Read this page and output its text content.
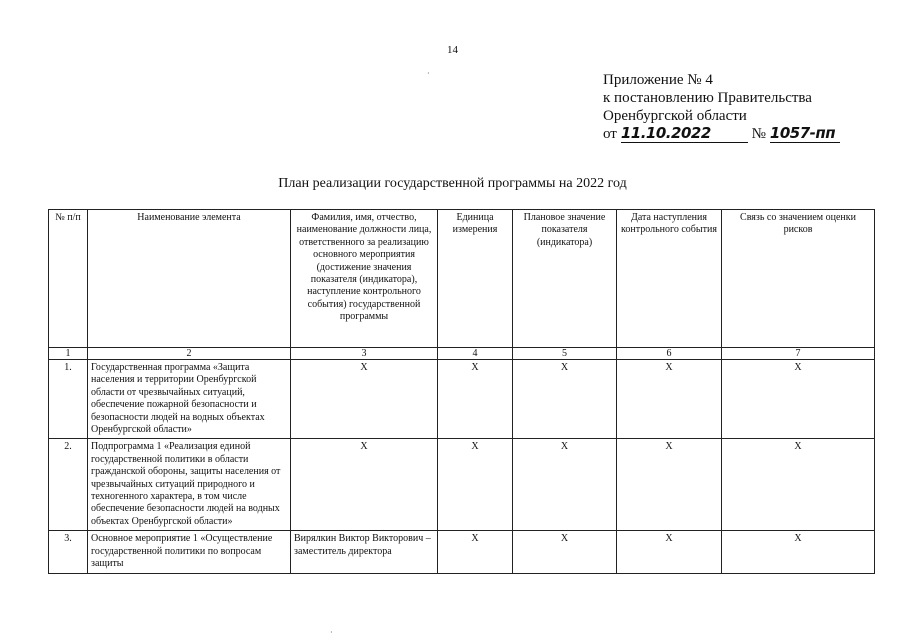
14
·
·
Приложение № 4
к постановлению Правительства
Оренбургской области
от 11.10.2022	№ 1057-пп
План реализации государственной программы на 2022 год
№ п/п	Наименование элемента	Фамилия, имя, отчество, наименование должности лица, ответственного за реализацию основного мероприятия (достижение значения показателя (индикатора), наступление контрольного события) государственной программы	Единица измерения	Плановое значение показателя (индикатора)	Дата наступления контрольного события	Связь со значением оценки рисков
1	2	3	4	5	6	7
1.	Государственная программа «Защита населения и территории Оренбургской области от чрезвычайных ситуаций, обеспечение пожарной безопасности и безопасности людей на водных объектах Оренбургской области»	Х	Х	Х	Х	Х
2.	Подпрограмма 1 «Реализация единой государственной политики в области гражданской обороны, защиты населения от чрезвычайных ситуаций природного и техногенного характера, в том числе обеспечение безопасности людей на водных объектах Оренбургской области»	Х	Х	Х	Х	Х
3.	Основное мероприятие 1 «Осуществление государственной политики по вопросам защиты	Вирялкин Виктор Викторович – заместитель директора	Х	Х	Х	Х
